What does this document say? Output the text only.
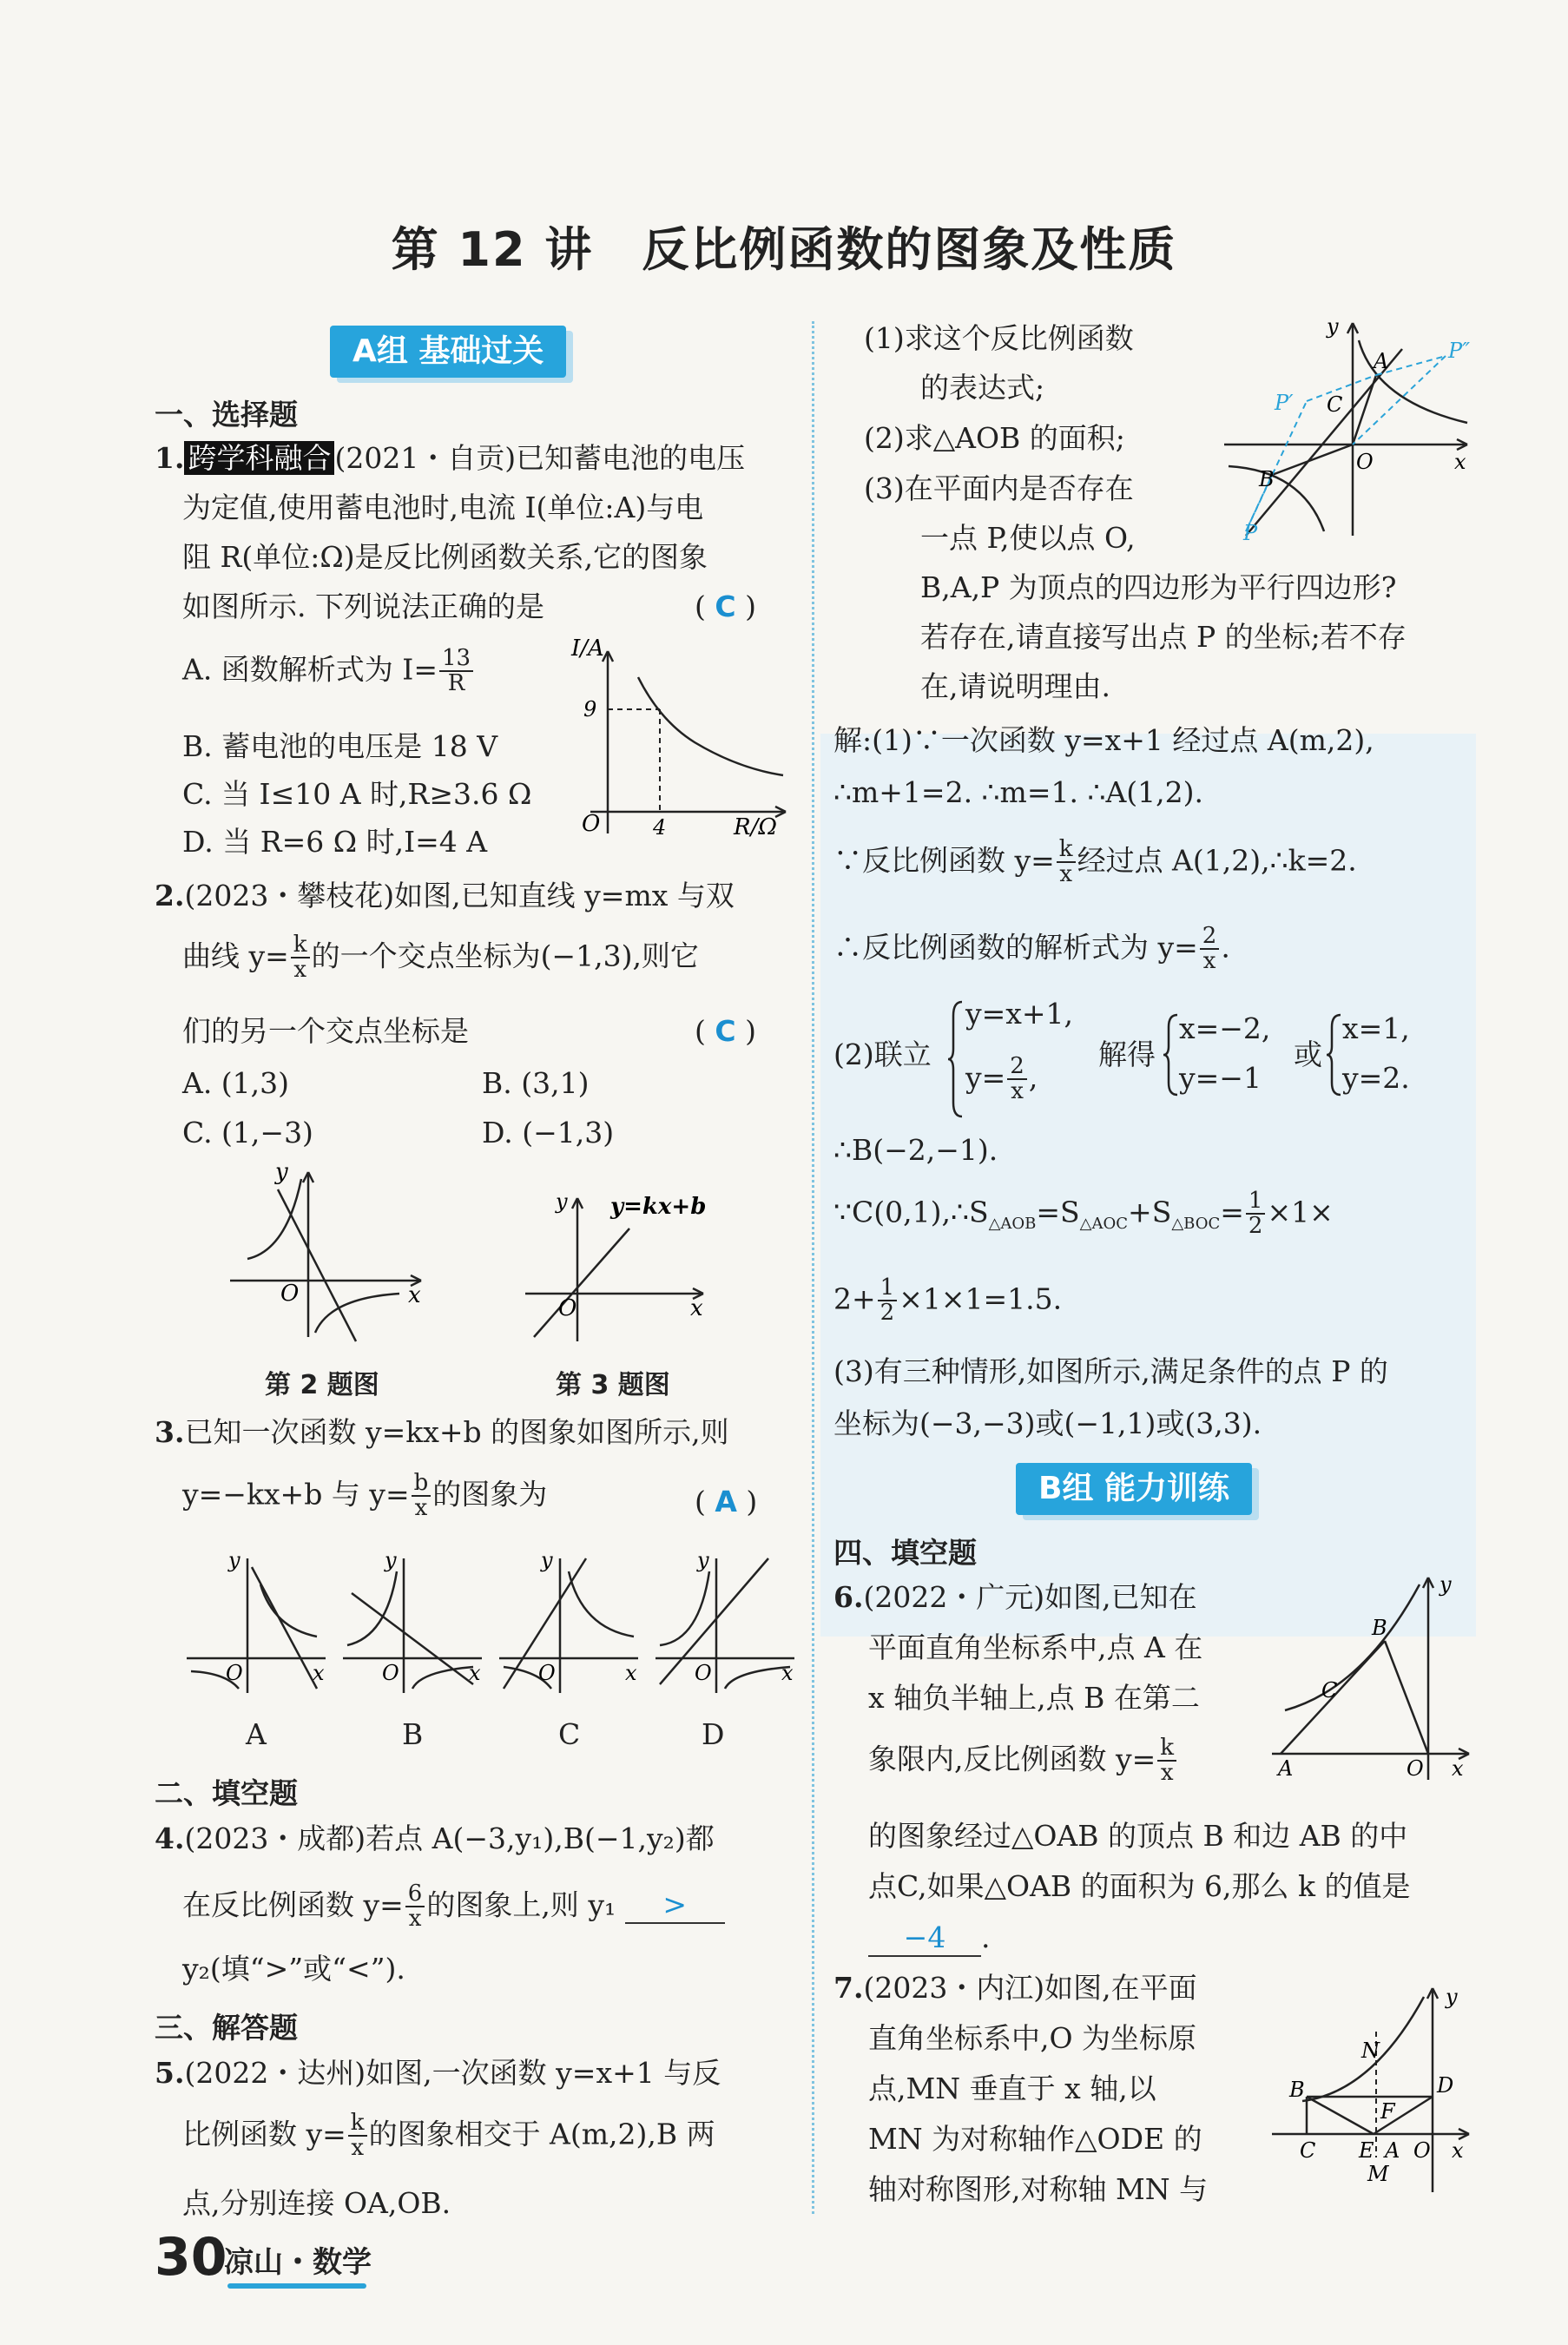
第 12 讲　反比例函数的图象及性质
A组 基础过关
一、选择题
1. 跨学科融合 (2021・自贡)已知蓄电池的电压
为定值,使用蓄电池时,电流 I(单位:A)与电
阻 R(单位:Ω)是反比例函数关系,它的图象
如图所示. 下列说法正确的是	( C )
A. 函数解析式为 $I= \frac{13}{R}$
B. 蓄电池的电压是 18 V
C. 当 I≤10 A 时,R≥3.6 Ω
D. 当 R=6 Ω 时,I=4 A
I/A
9
O	4	R/Ω
2.(2023・攀枝花)如图,已知直线 y=mx 与双
曲线 $y= \frac{k}{x}$ 的一个交点坐标为(−1,3),则它
们的另一个交点坐标是	( C )
A. (1,3)	B. (3,1)
C. (1,−3)	D. (−1,3)
y
O	x
第 2 题图
y y=kx+b
O	x
第 3 题图
3.已知一次函数 y=kx+b 的图象如图所示,则
y=−kx+b 与 $y= \frac{b}{x}$ 的图象为	( A )
y
O	x
y
O	x
y
O	x
y
O	x
A	B	C	D
二、填空题
4.(2023・成都)若点 A(−3,y₁),B(−1,y₂)都
在反比例函数 $y= \frac{6}{x}$ 的图象上,则 y₁ >
y₂(填“>”或“<”).
三、解答题
5.(2022・达州)如图,一次函数 y=x+1 与反
比例函数 $y= \frac{k}{x}$ 的图象相交于 A(m,2),B 两
点,分别连接 OA,OB.
30
凉山・数学
(1)求这个反比例函数
的表达式;
(2)求△AOB 的面积;
(3)在平面内是否存在
一点 P,使以点 O,
B,A,P 为顶点的四边形为平行四边形?
若存在,请直接写出点 P 的坐标;若不存
在,请说明理由.
y
A	P″
P′ C
O	x
B
P
解:(1)∵一次函数 y=x+1 经过点 A(m,2),
∴m+1=2. ∴m=1. ∴A(1,2).
∵反比例函数 $y= \frac{k}{x}$ 经过点 A(1,2),∴k=2.
∴反比例函数的解析式为 $y= \frac{2}{x}$ .
(2)联立
y=x+1,
$y= \frac{2}{x}$ ,
解得
x=−2,
y=−1
或
x=1,
y=2.
∴B(−2,−1).
$\because C(0,1),\therefore S_{\triangle AOB}=S_{\triangle AOC}+S_{\triangle BOC}= \frac{1}{2} \times 1\times$
$2+ \frac{1}{2} \times 1\times 1=1.5$.
(3)有三种情形,如图所示,满足条件的点 P 的
坐标为(−3,−3)或(−1,1)或(3,3).
B组 能力训练
四、填空题
6.(2022・广元)如图,已知在
平面直角坐标系中,点 A 在
x 轴负半轴上,点 B 在第二
象限内,反比例函数 $y= \frac{k}{x}$
的图象经过△OAB 的顶点 B 和边 AB 的中
点C,如果△OAB 的面积为 6,那么 k 的值是
−4 .
y
B
C
A	O x
7.(2023・内江)如图,在平面
直角坐标系中,O 为坐标原
点,MN 垂直于 x 轴,以
MN 为对称轴作△ODE 的
轴对称图形,对称轴 MN 与
y
N
B	D
F
C E A O x
M
